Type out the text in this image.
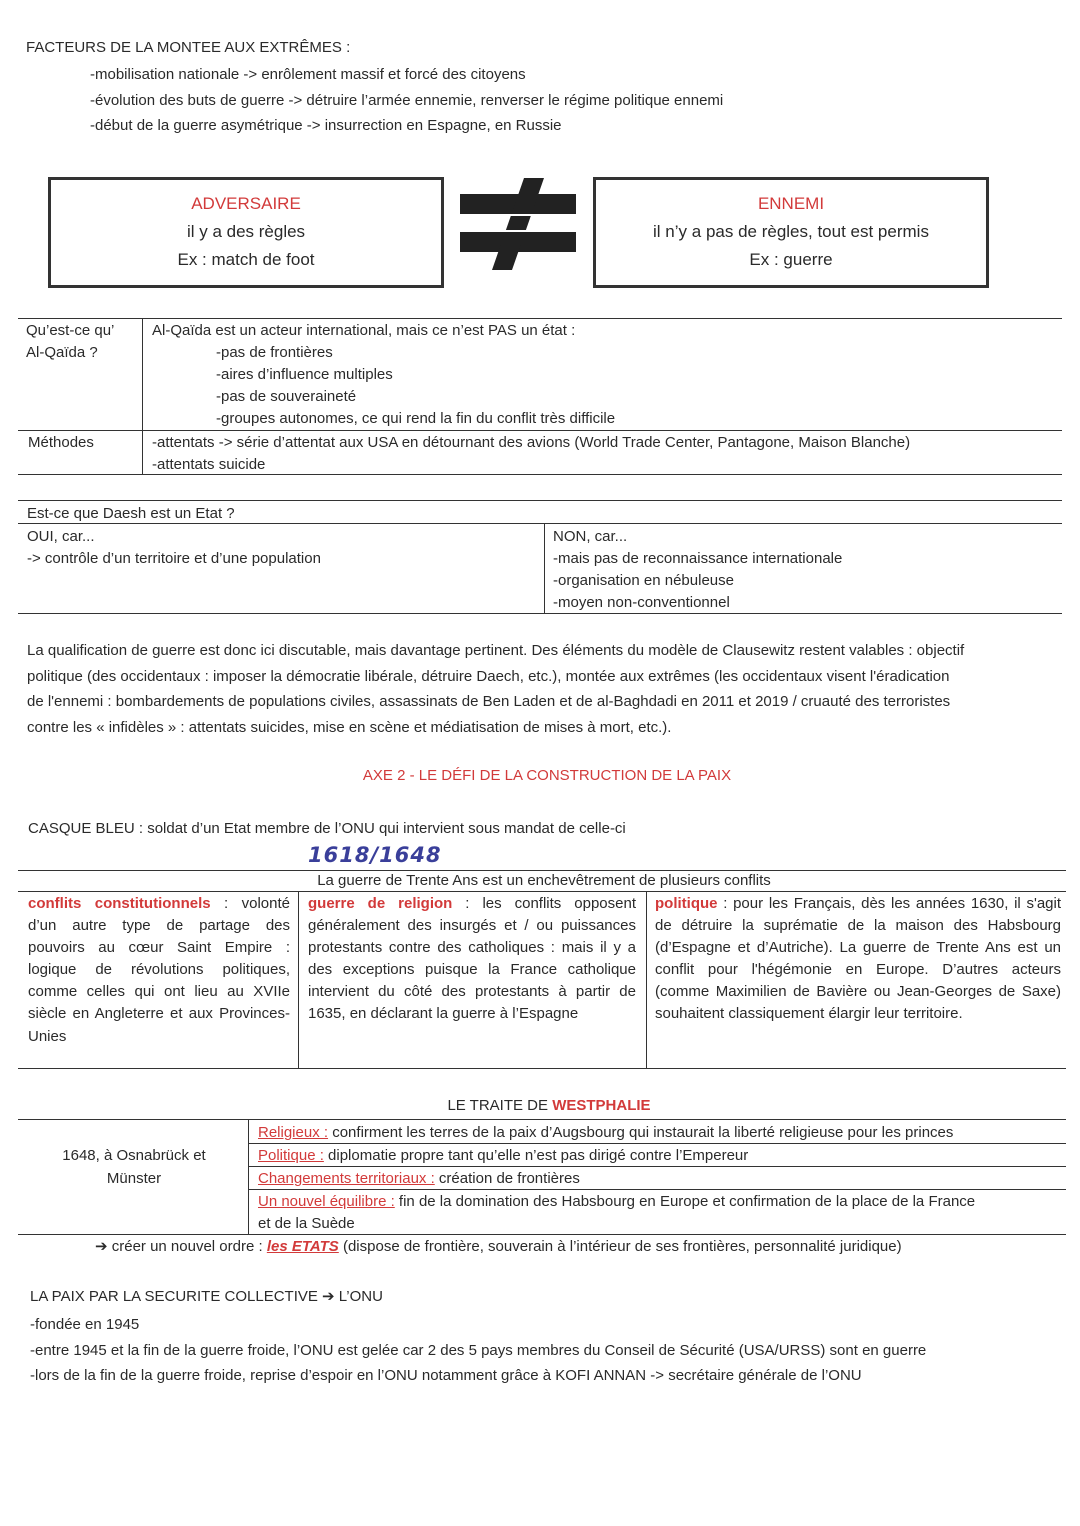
FACTEURS DE LA MONTEE AUX EXTRÊMES :
-mobilisation nationale -> enrôlement massif et forcé des citoyens
-évolution des buts de guerre -> détruire l’armée ennemie, renverser le régime politique ennemi
-début de la guerre asymétrique -> insurrection en Espagne, en Russie
ADVERSAIRE
il y a des règles
Ex : match de foot
ENNEMI
il n’y a pas de règles, tout est permis
Ex : guerre
Qu’est-ce qu’
Al-Qaïda ?
Al-Qaïda est un acteur international, mais ce n’est PAS un état :
-pas de frontières
-aires d’influence multiples
-pas de souveraineté
-groupes autonomes, ce qui rend la fin du conflit très difficile
Méthodes	-attentats -> série d’attentat aux USA en détournant des avions (World Trade Center, Pantagone, Maison Blanche)
-attentats suicide
Est-ce que Daesh est un Etat ?
OUI, car...
-> contrôle d’un territoire et d’une population
NON, car...
-mais pas de reconnaissance internationale
-organisation en nébuleuse
-moyen non-conventionnel
La qualification de guerre est donc ici discutable, mais davantage pertinent. Des éléments du modèle de Clausewitz restent valables : objectif
politique (des occidentaux : imposer la démocratie libérale, détruire Daech, etc.), montée aux extrêmes (les occidentaux visent l'éradication
de l'ennemi : bombardements de populations civiles, assassinats de Ben Laden et de al-Baghdadi en 2011 et 2019 / cruauté des terroristes
contre les « infidèles » : attentats suicides, mise en scène et médiatisation de mises à mort, etc.).
AXE 2 - LE DÉFI DE LA CONSTRUCTION DE LA PAIX
CASQUE BLEU : soldat d’un Etat membre de l’ONU qui intervient sous mandat de celle-ci
1618/1648
La guerre de Trente Ans est un enchevêtrement de plusieurs conflits
conflits constitutionnels : volonté d’un autre type de partage des pouvoirs au cœur Saint Empire : logique de révolutions politiques, comme celles qui ont lieu au XVIIe siècle en Angleterre et aux Provinces-Unies
guerre de religion : les conflits opposent généralement des insurgés et / ou puissances protestants contre des catholiques : mais il y a des exceptions puisque la France catholique intervient du côté des protestants à partir de 1635, en déclarant la guerre à l’Espagne
politique : pour les Français, dès les années 1630, il s'agit de détruire la suprématie de la maison des Habsbourg (d’Espagne et d’Autriche). La guerre de Trente Ans est un conflit pour l'hégémonie en Europe. D’autres acteurs (comme Maximilien de Bavière ou Jean-Georges de Saxe) souhaitent classiquement élargir leur territoire.
LE TRAITE DE WESTPHALIE
1648, à Osnabrück et Münster
Religieux : confirment les terres de la paix d’Augsbourg qui instaurait la liberté religieuse pour les princes
Politique : diplomatie propre tant qu’elle n’est pas dirigé contre l’Empereur
Changements territoriaux : création de frontières
Un nouvel équilibre : fin de la domination des Habsbourg en Europe et confirmation de la place de la France
et de la Suède
➔ créer un nouvel ordre : les ETATS (dispose de frontière, souverain à l’intérieur de ses frontières, personnalité juridique)
LA PAIX PAR LA SECURITE COLLECTIVE ➔ L’ONU
-fondée en 1945
-entre 1945 et la fin de la guerre froide, l’ONU est gelée car 2 des 5 pays membres du Conseil de Sécurité (USA/URSS) sont en guerre
-lors de la fin de la guerre froide, reprise d’espoir en l’ONU notamment grâce à KOFI ANNAN -> secrétaire générale de l’ONU
